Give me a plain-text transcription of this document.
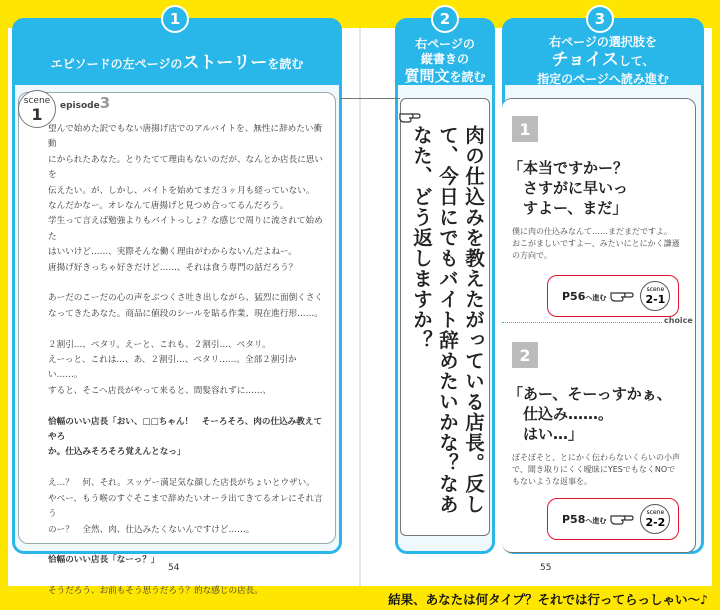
エピソードの左ページのストーリーを読む
1
右ページの
縦書きの
質問文を読む
2
右ページの選択肢を
チョイスして、
指定のページへ読み進む
3
scene
1	episode3

望んで始めた訳でもない唐揚げ店でのアルバイトを、無性に辞めたい衝動
にかられたあなた。とりたてて理由もないのだが、なんとか店長に思いを
伝えたい。が、しかし、バイトを始めてまだ３ヶ月も経っていない。
なんだかなー。オレなんて唐揚げと見つめ合ってるんだろう。
学生って言えば勉強よりもバイトっしょ？な感じで周りに流されて始めた
はいいけど……、実際そんな働く理由がわからないんだよねー。
唐揚げ好きっちゃ好きだけど……、それは食う専門の話だろう？

あーだのこーだの心の声をぶつくさ吐き出しながら、猛烈に面倒くさく
なってきたあなた。商品に値段のシールを貼る作業、現在進行形……。

２割引…、ペタリ。えーと、これも、２割引…、ペタリ。
えーっと、これは…、あ、２割引…、ペタリ……。全部２割引かい……。
すると、そこへ店長がやって来ると、間髪容れずに……、

恰幅のいい店長「おい、□□ちゃん！　そーろそろ、肉の仕込み教えてやろ
か。仕込みそろそろ覚えんとなっ」

え…？　何、それ。スッゲー満足気な顔した店長がちょいとウザい。
やべー、もう喉のすぐそこまで辞めたいオーラ出てきてるオレにそれ言う
のー？　全然、肉、仕込みたくないんですけど……。

恰幅のいい店長「なーっ？」

そうだろう、お前もそう思うだろう？的な感じの店長。

肉の仕込みを教えたがっている店長。反して、今日にでもバイト辞めたいかな？なあなた、どう返しますか？	1
「本当ですかー？
　さすがに早いっ
　すよー、まだ」
僕に肉の仕込みなんて……まだまだですよ。
おこがましいですよー、みたいにとにかく謙遜
の方向で。
P56へ進む
scene
2-1
choice
2
「あー、そーっすかぁ、
　仕込み……。
　はい…」
ぼそぼそと、とにかく伝わらないくらいの小声
で、聞き取りにくく曖昧にYESでもなくNOで
もないような返事を。
P58へ進む
scene
2-2
54	55
結果、あなたは何タイプ？それでは行ってらっしゃい〜♪
